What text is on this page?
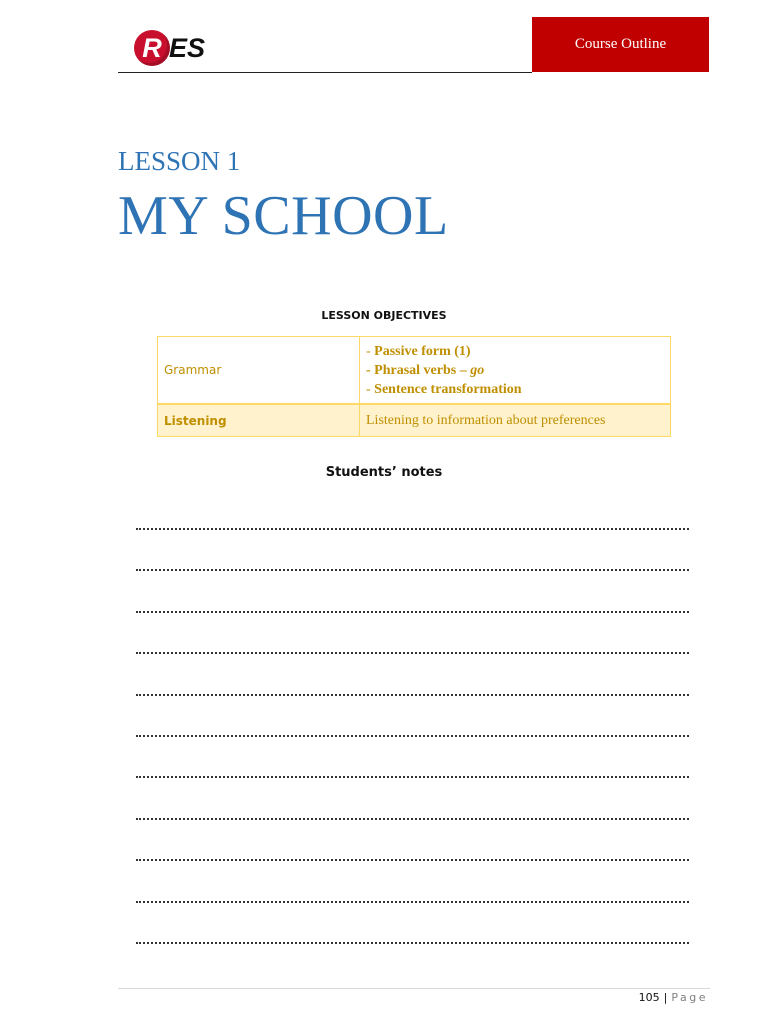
R ES	Course Outline
LESSON 1
MY SCHOOL
LESSON OBJECTIVES
Grammar	- Passive form (1)
- Phrasal verbs – go
- Sentence transformation

Listening	Listening to information about preferences
Students’ notes
105 | Page
